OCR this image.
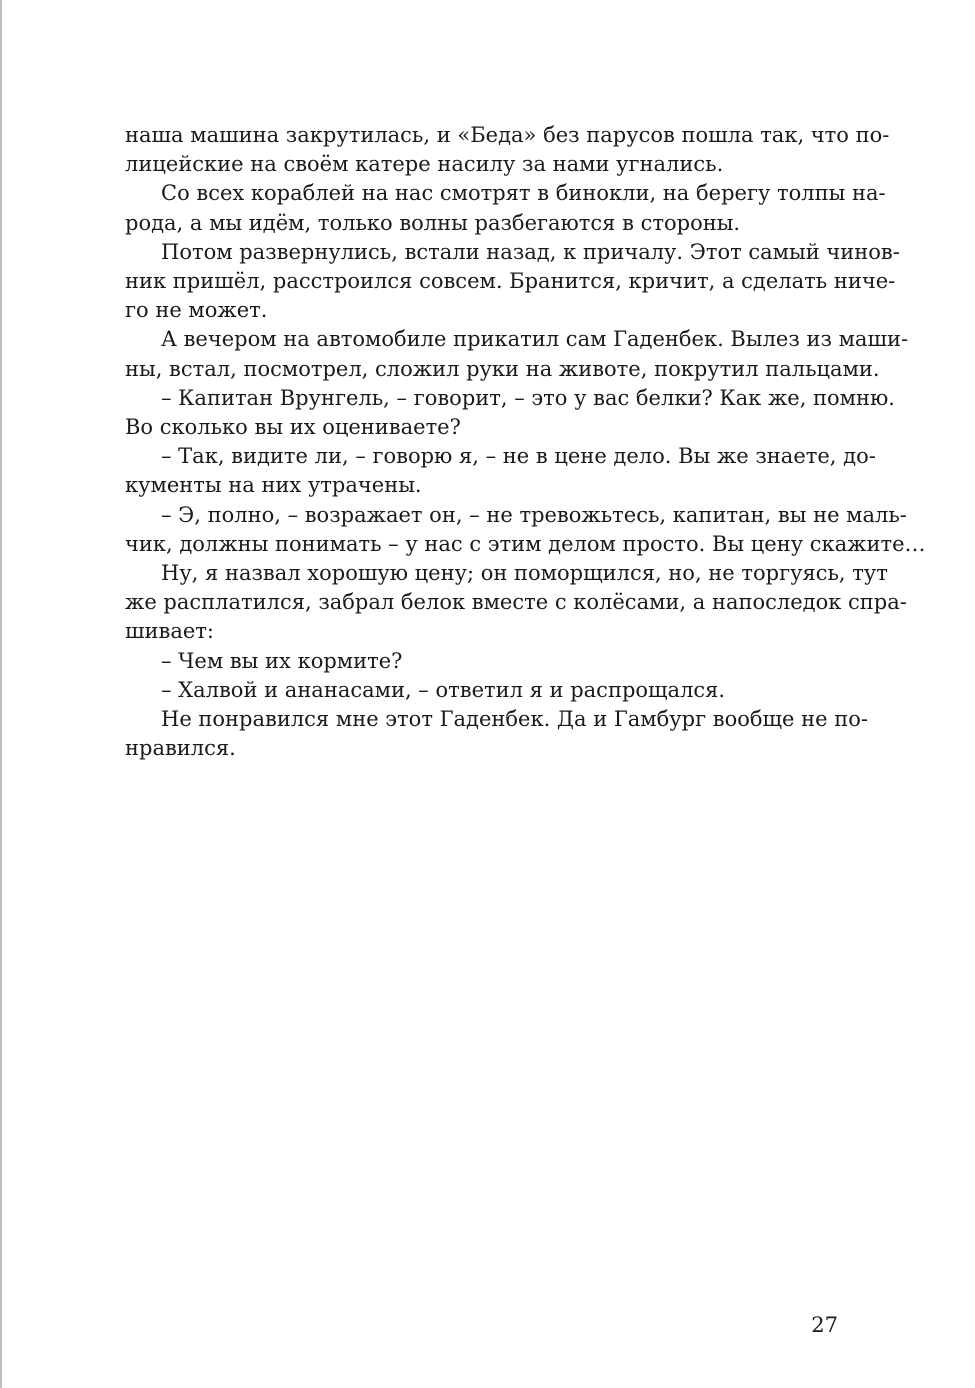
наша машина закрутилась, и «Беда» без парусов пошла так, что по-
лицейские на своём катере насилу за нами угнались.
Со всех кораблей на нас смотрят в бинокли, на берегу толпы на-
рода, а мы идём, только волны разбегаются в стороны.
Потом развернулись, встали назад, к причалу. Этот самый чинов-
ник пришёл, расстроился совсем. Бранится, кричит, а сделать ниче-
го не может.
А вечером на автомобиле прикатил сам Гаденбек. Вылез из маши-
ны, встал, посмотрел, сложил руки на животе, покрутил пальцами.
– Капитан Врунгель, – говорит, – это у вас белки? Как же, помню.
Во сколько вы их оцениваете?
– Так, видите ли, – говорю я, – не в цене дело. Вы же знаете, до-
кументы на них утрачены.
– Э, полно, – возражает он, – не тревожьтесь, капитан, вы не маль-
чик, должны понимать – у нас с этим делом просто. Вы цену скажите…
Ну, я назвал хорошую цену; он поморщился, но, не торгуясь, тут
же расплатился, забрал белок вместе с колёсами, а напоследок спра-
шивает:
– Чем вы их кормите?
– Халвой и ананасами, – ответил я и распрощался.
Не понравился мне этот Гаденбек. Да и Гамбург вообще не по-
нравился.
27
